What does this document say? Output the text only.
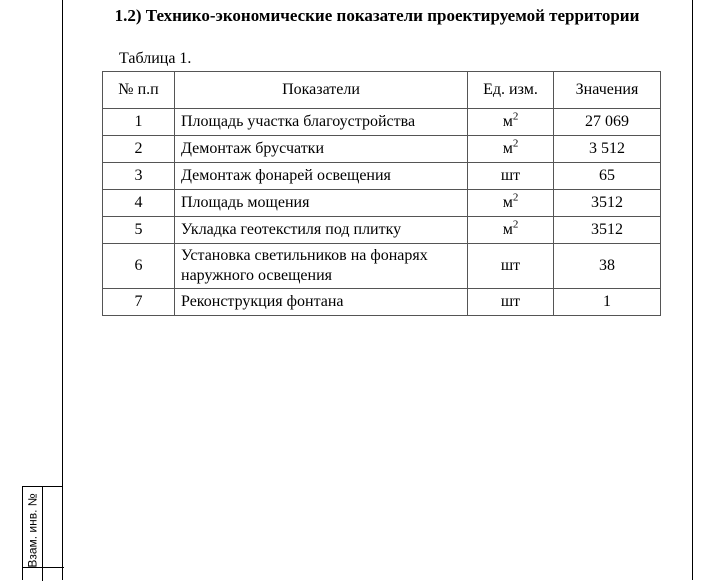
1.2) Технико-экономические показатели проектируемой территории
Таблица 1.
№ п.п	Показатели	Ед. изм.	Значения
1	Площадь участка благоустройства	$м^2$	27 069
2	Демонтаж брусчатки	$м^2$	3 512
3	Демонтаж фонарей освещения	шт	65
4	Площадь мощения	$м^2$	3512
5	Укладка геотекстиля под плитку	$м^2$	3512
6	Установка светильников на фонарях наружного освещения	шт	38
7	Реконструкция фонтана	шт	1
Взам. инв. №
